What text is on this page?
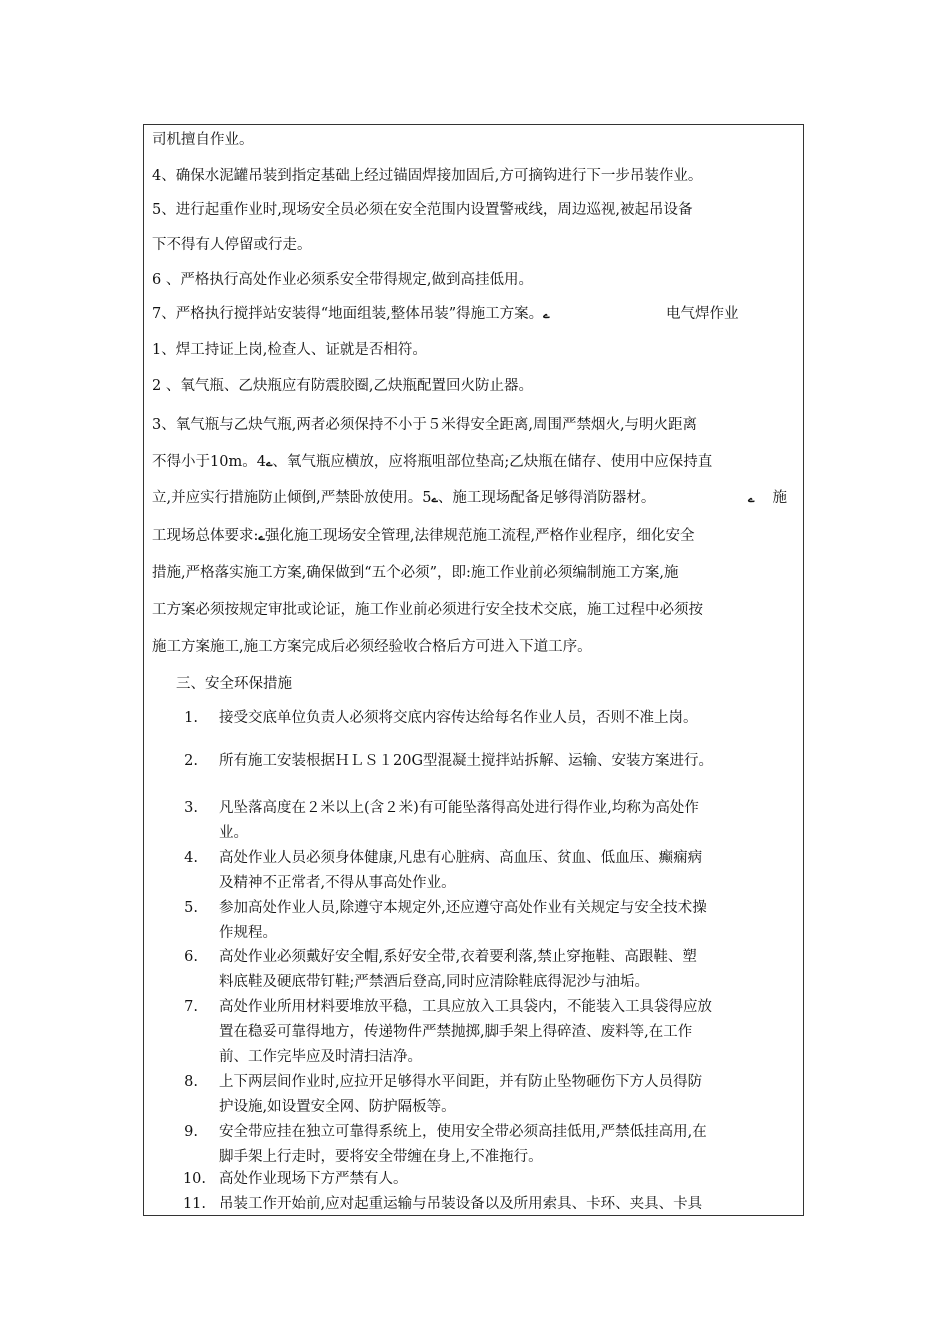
司机擅自作业。
4、确保水泥罐吊装到指定基础上经过锚固焊接加固后,方可摘钩进行下一步吊装作业。
5、进行起重作业时,现场安全员必须在安全范围内设置警戒线，周边巡视,被起吊设备
下不得有人停留或行走。
6 、严格执行高处作业必须系安全带得规定,做到高挂低用。
7、严格执行搅拌站安装得“地面组装,整体吊装”得施工方案。ے	电气焊作业
1、焊工持证上岗,检查人、证就是否相符。
2 、氧气瓶、乙炔瓶应有防震胶圈,乙炔瓶配置回火防止器。
3、氧气瓶与乙炔气瓶,两者必须保持不小于５米得安全距离,周围严禁烟火,与明火距离
不得小于10m。4ے、氧气瓶应横放，应将瓶咀部位垫高;乙炔瓶在储存、使用中应保持直
立,并应实行措施防止倾倒,严禁卧放使用。5ے、施工现场配备足够得消防器材。	ے 施
工现场总体要求:ے强化施工现场安全管理,法律规范施工流程,严格作业程序，细化安全
措施,严格落实施工方案,确保做到“五个必须”，即:施工作业前必须编制施工方案,施
工方案必须按规定审批或论证，施工作业前必须进行安全技术交底，施工过程中必须按
施工方案施工,施工方案完成后必须经验收合格后方可进入下道工序。
三、安全环保措施
1. 接受交底单位负责人必须将交底内容传达给每名作业人员，否则不准上岗。
2. 所有施工安装根据ＨＬＳ１20G型混凝土搅拌站拆解、运输、安装方案进行。
3. 凡坠落高度在２米以上(含２米)有可能坠落得高处进行得作业,均称为高处作
业。
4. 高处作业人员必须身体健康,凡患有心脏病、高血压、贫血、低血压、癫痫病
及精神不正常者,不得从事高处作业。
5. 参加高处作业人员,除遵守本规定外,还应遵守高处作业有关规定与安全技术操
作规程。
6. 高处作业必须戴好安全帽,系好安全带,衣着要利落,禁止穿拖鞋、高跟鞋、塑
料底鞋及硬底带钉鞋;严禁酒后登高,同时应清除鞋底得泥沙与油垢。
7. 高处作业所用材料要堆放平稳，工具应放入工具袋内，不能装入工具袋得应放
置在稳妥可靠得地方，传递物件严禁抛掷,脚手架上得碎渣、废料等,在工作
前、工作完毕应及时清扫洁净。
8. 上下两层间作业时,应拉开足够得水平间距，并有防止坠物砸伤下方人员得防
护设施,如设置安全网、防护隔板等。
9. 安全带应挂在独立可靠得系统上，使用安全带必须高挂低用,严禁低挂高用,在
脚手架上行走时，要将安全带缠在身上,不准拖行。
10. 高处作业现场下方严禁有人。
11. 吊装工作开始前,应对起重运输与吊装设备以及所用索具、卡环、夹具、卡具
